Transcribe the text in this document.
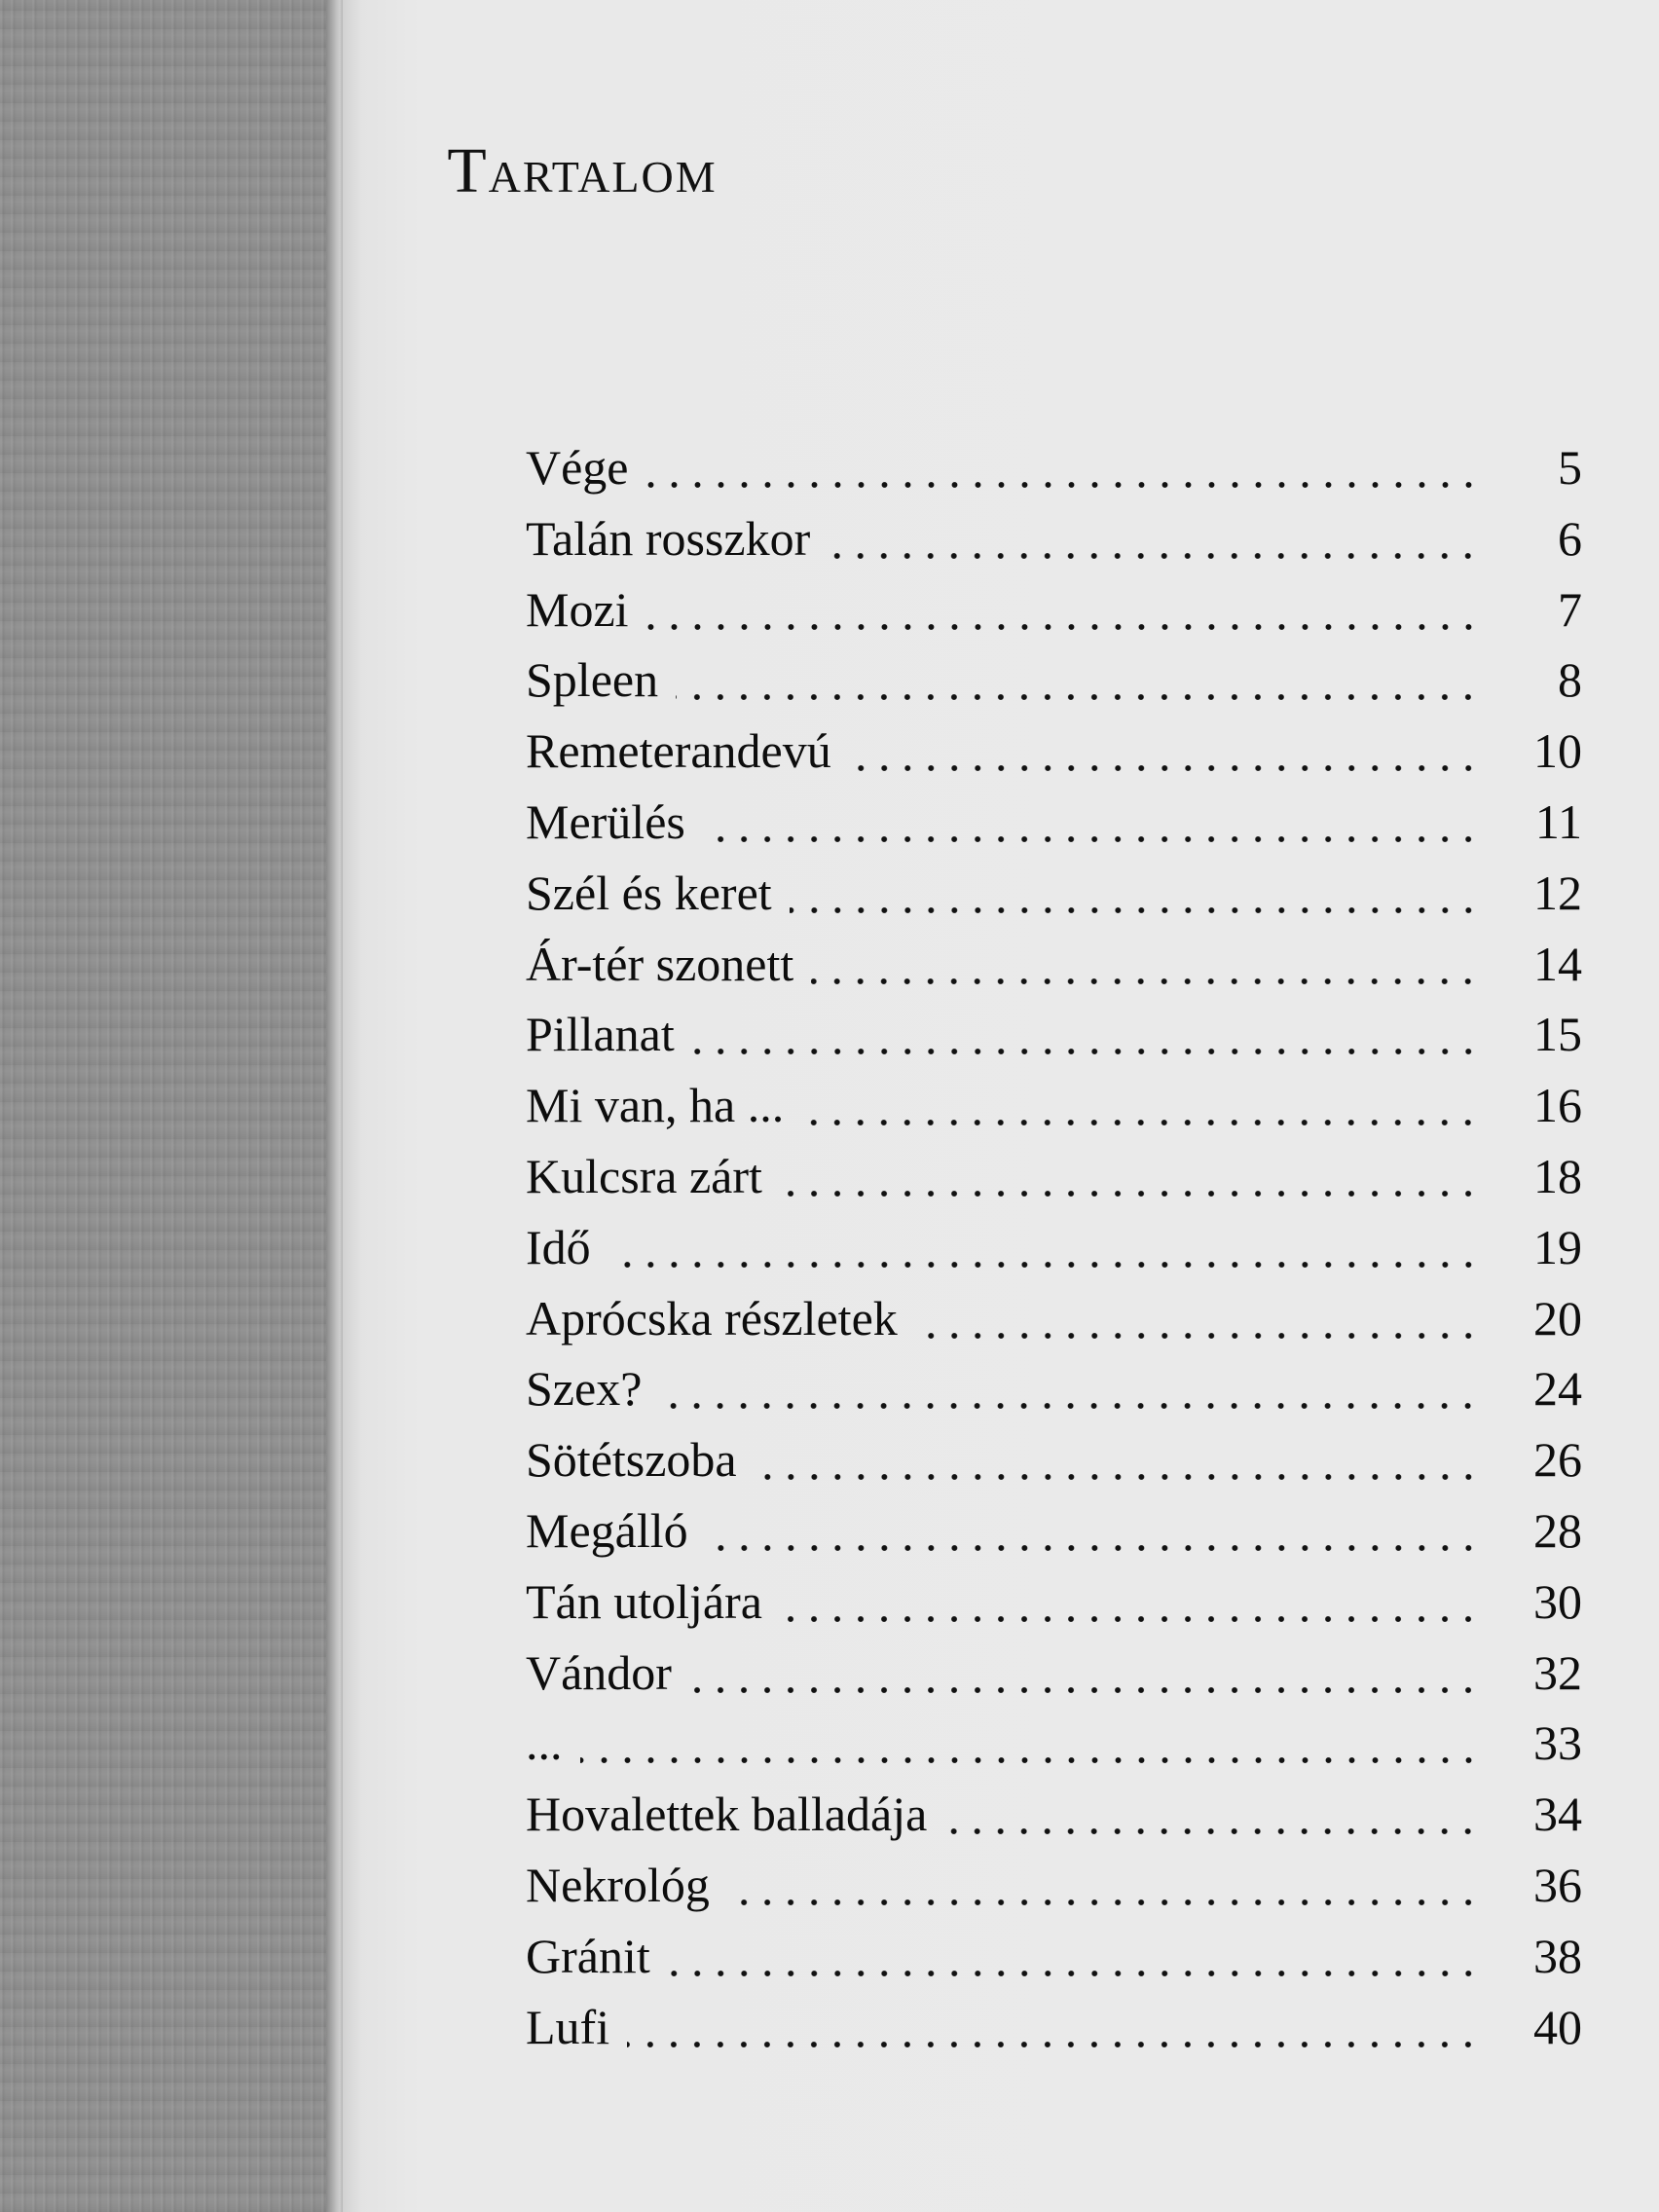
Tartalom
Vége	5
Talán rosszkor	6
Mozi	7
Spleen	8
Remeterandevú	10
Merülés	11
Szél és keret	12
Ár-tér szonett	14
Pillanat	15
Mi van, ha ...	16
Kulcsra zárt	18
Idő	19
Aprócska részletek	20
Szex?	24
Sötétszoba	26
Megálló	28
Tán utoljára	30
Vándor	32
...	33
Hovalettek balladája	34
Nekrológ	36
Gránit	38
Lufi	40
